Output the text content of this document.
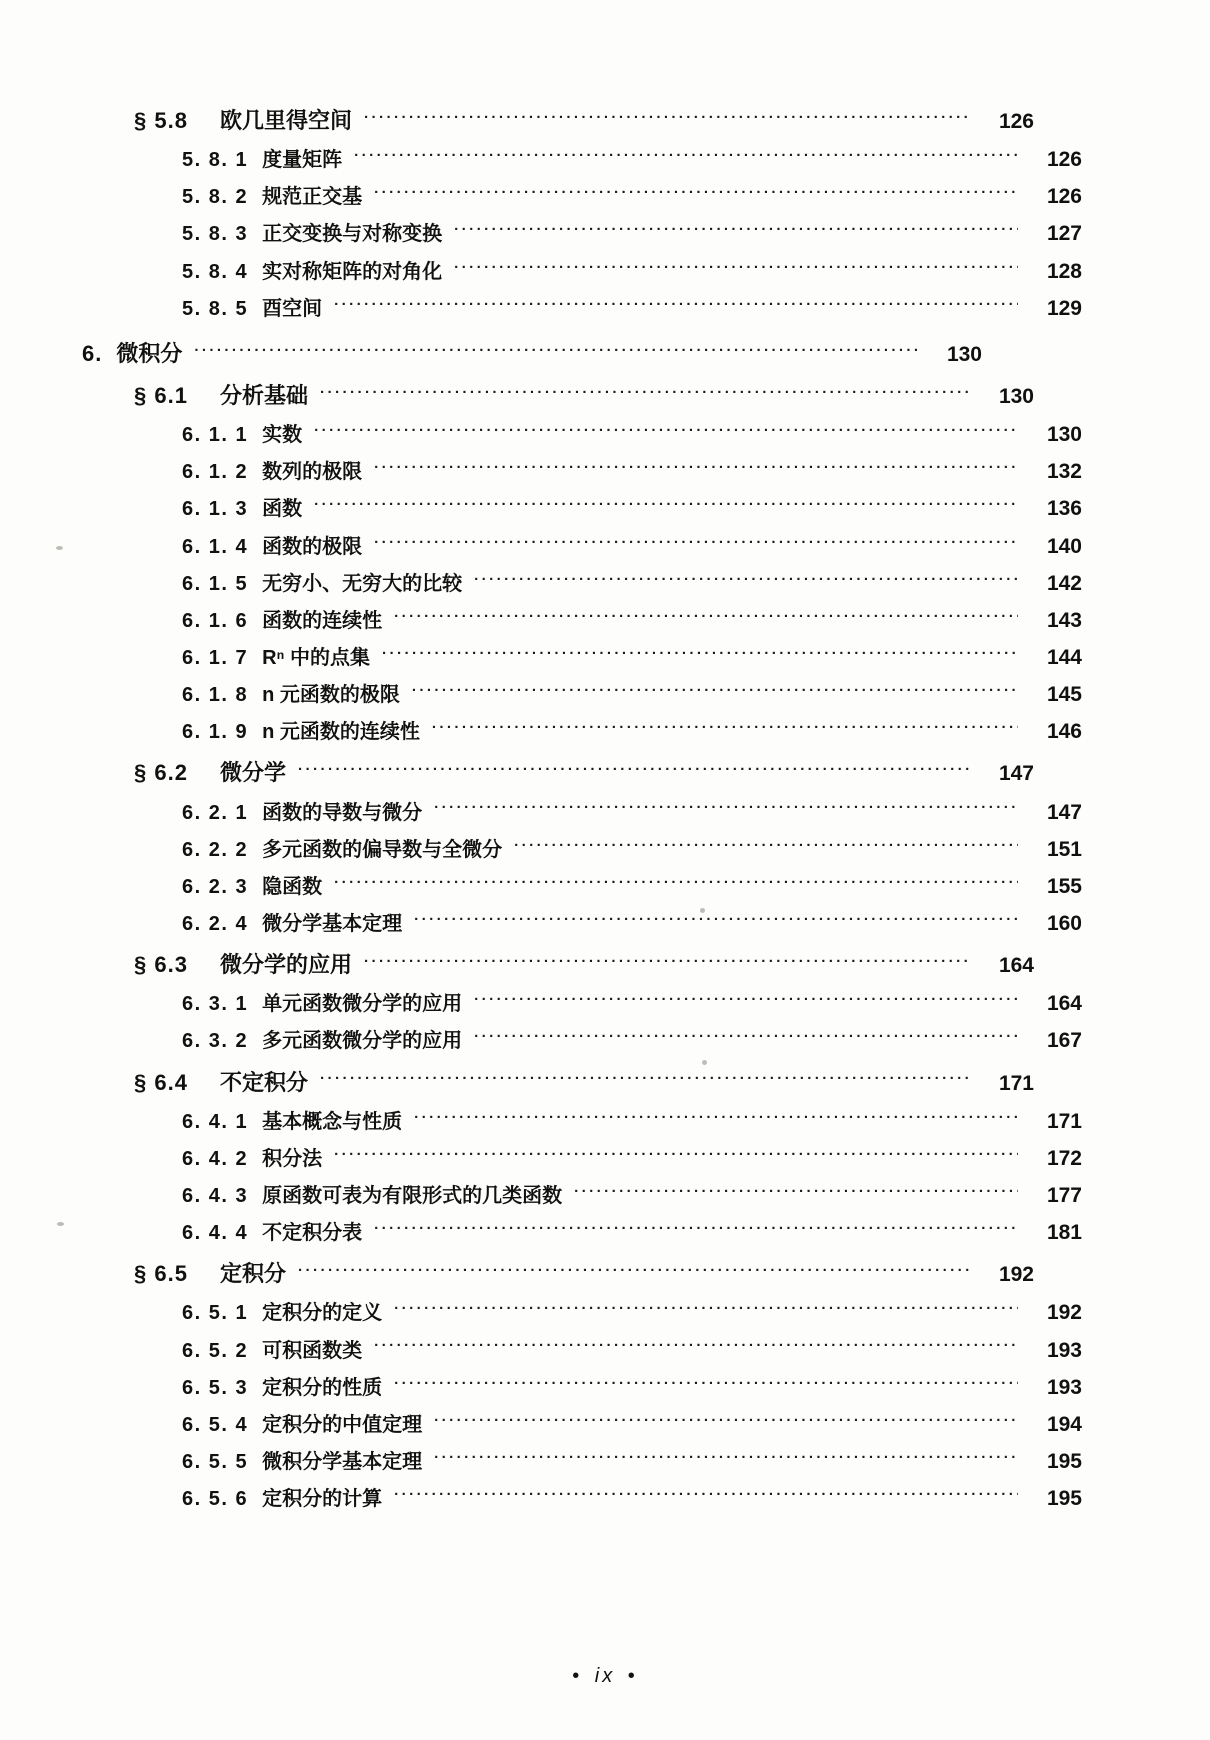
§ 5.8	欧几里得空间 ·····	126
5. 8. 1 度量矩阵 ·····	126
5. 8. 2 规范正交基 ·····	126
5. 8. 3 正交变换与对称变换 ·····	127
5. 8. 4 实对称矩阵的对角化 ·····	128
5. 8. 5 酉空间 ·····	129
6. 微积分 ·····	130
§ 6.1	分析基础 ·····	130
6. 1. 1 实数 ·····	130
6. 1. 2 数列的极限 ·····	132
6. 1. 3 函数 ·····	136
6. 1. 4 函数的极限 ·····	140
6. 1. 5 无穷小、无穷大的比较 ·····	142
6. 1. 6 函数的连续性 ·····	143
6. 1. 7 Rⁿ 中的点集 ·····	144
6. 1. 8 n 元函数的极限 ·····	145
6. 1. 9 n 元函数的连续性 ·····	146
§ 6.2	微分学 ·····	147
6. 2. 1 函数的导数与微分 ·····	147
6. 2. 2 多元函数的偏导数与全微分 ·····	151
6. 2. 3 隐函数 ·····	155
6. 2. 4 微分学基本定理 ·····	160
§ 6.3	微分学的应用 ·····	164
6. 3. 1 单元函数微分学的应用 ·····	164
6. 3. 2 多元函数微分学的应用 ·····	167
§ 6.4	不定积分 ·····	171
6. 4. 1 基本概念与性质 ·····	171
6. 4. 2 积分法 ·····	172
6. 4. 3 原函数可表为有限形式的几类函数 ·····	177
6. 4. 4 不定积分表 ·····	181
§ 6.5	定积分 ·····	192
6. 5. 1 定积分的定义 ·····	192
6. 5. 2 可积函数类 ·····	193
6. 5. 3 定积分的性质 ·····	193
6. 5. 4 定积分的中值定理 ·····	194
6. 5. 5 微积分学基本定理 ·····	195
6. 5. 6 定积分的计算 ·····	195
• ix •
